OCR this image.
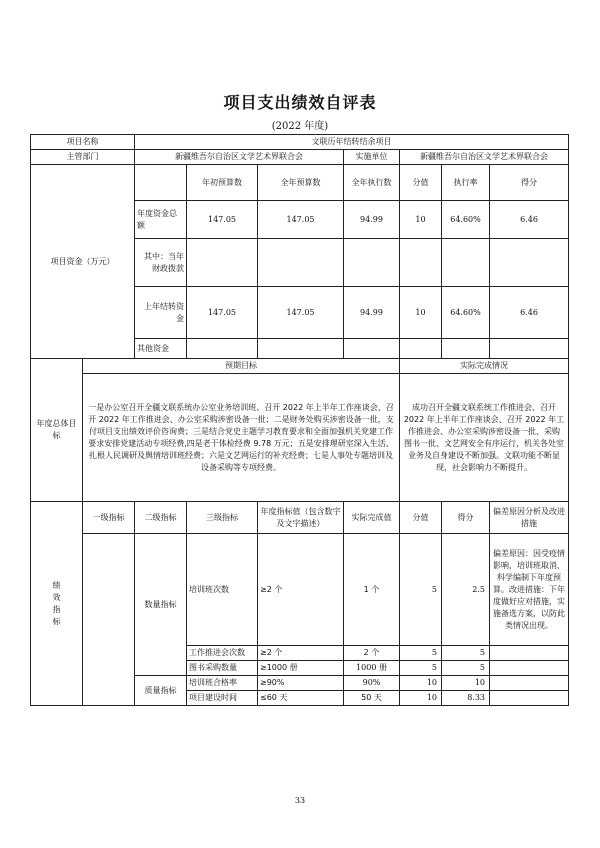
项目支出绩效自评表
(2022 年度)
项目名称		文联历年结转结余项目						
主管部门		新疆维吾尔自治区文学艺术界联合会			实施单位	新疆维吾尔自治区文学艺术界联合会		
项目资金（万元）			年初预算数	全年预算数	全年执行数	分值	执行率	得分
		年度资金总额	147.05	147.05	94.99	10	64.60%	6.46
		其中：当年财政拨款						
		上年结转资金	147.05	147.05	94.99	10	64.60%	6.46
		其他资金						
年度总体目标	预期目标					实际完成情况		
	一是办公室召开全疆文联系统办公室业务培训班、召开 2022 年上半年工作座谈会、召开 2022 年工作推进会、办公室采购涉密设备一批；二是财务处购买涉密设备一批，支付项目支出绩效评价咨询费；三是结合党史主题学习教育要求和全面加强机关党建工作要求安排党建活动专项经费,四是老干体检经费 9.78 万元；五是安排理研室深入生活、扎根人民调研及舆情培训班经费；六是文艺网运行的补充经费；七是人事处专题培训及设备采购等专项经费。					成功召开全疆文联系统工作推进会、召开 2022 年上半年工作座谈会、召开 2022 年工作推进会、办公室采购涉密设备一批、采购 图书一批、文艺网安全有序运行，机关各处室业务及自身建设不断加强。文联功能不断显现，社会影响力不断提升。		
绩效指标	一级指标	二级指标	三级指标	年度指标值（包含数字及文字描述）	实际完成值	分值	得分	偏差原因分析及改进措施
		数量指标	培训班次数	≥2 个	1 个	5	2.5	偏差原因：因受疫情影响，培训班取消，科学编制下年度预算。改进措施：下年度做好应对措施，实施备选方案，以防此类情况出现。
			工作推进会次数	≥2 个	2 个	5	5	
			图书采购数量	≥1000 册	1000 册	5	5	
		质量指标	培训班合格率	≥90%	90%	10	10	
			项目建设时间	≤60 天	50 天	10	8.33	
33
